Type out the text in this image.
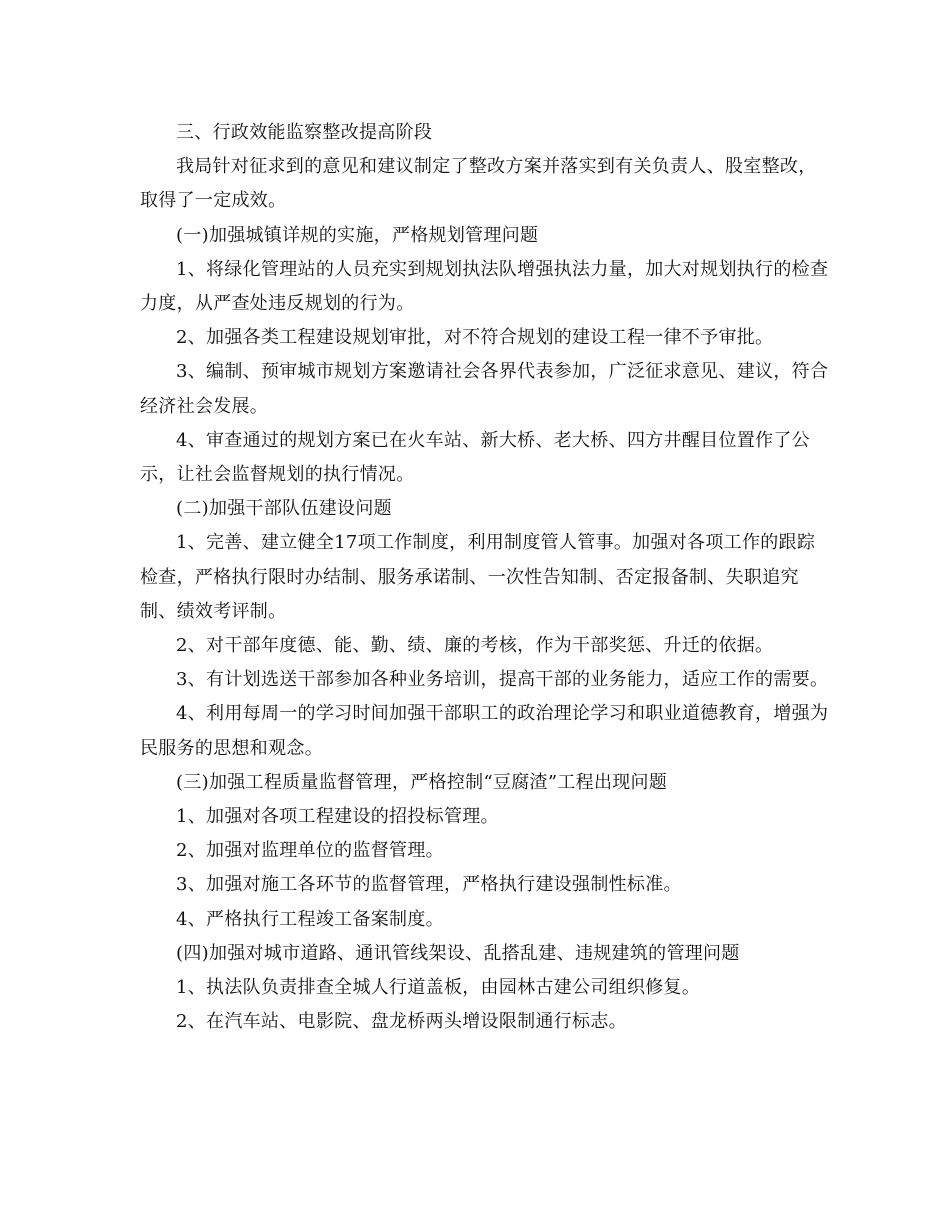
三、行政效能监察整改提高阶段

我局针对征求到的意见和建议制定了整改方案并落实到有关负责人、股室整改，取得了一定成效。

(一)加强城镇详规的实施，严格规划管理问题

1、将绿化管理站的人员充实到规划执法队增强执法力量，加大对规划执行的检查力度，从严查处违反规划的行为。

2、加强各类工程建设规划审批，对不符合规划的建设工程一律不予审批。

3、编制、预审城市规划方案邀请社会各界代表参加，广泛征求意见、建议，符合经济社会发展。

4、审查通过的规划方案已在火车站、新大桥、老大桥、四方井醒目位置作了公示，让社会监督规划的执行情况。

(二)加强干部队伍建设问题

1、完善、建立健全17项工作制度，利用制度管人管事。加强对各项工作的跟踪检查，严格执行限时办结制、服务承诺制、一次性告知制、否定报备制、失职追究制、绩效考评制。

2、对干部年度德、能、勤、绩、廉的考核，作为干部奖惩、升迁的依据。

3、有计划选送干部参加各种业务培训，提高干部的业务能力，适应工作的需要。

4、利用每周一的学习时间加强干部职工的政治理论学习和职业道德教育，增强为民服务的思想和观念。

(三)加强工程质量监督管理，严格控制“豆腐渣”工程出现问题

1、加强对各项工程建设的招投标管理。

2、加强对监理单位的监督管理。

3、加强对施工各环节的监督管理，严格执行建设强制性标准。

4、严格执行工程竣工备案制度。

(四)加强对城市道路、通讯管线架设、乱搭乱建、违规建筑的管理问题

1、执法队负责排查全城人行道盖板，由园林古建公司组织修复。

2、在汽车站、电影院、盘龙桥两头增设限制通行标志。
